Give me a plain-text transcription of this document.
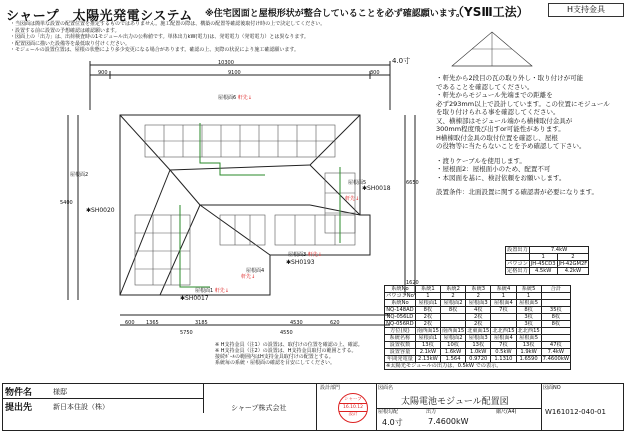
シャープ　太陽光発電システム ※住宅図面と屋根形状が整合していることを必ず確認願います。
（YSⅢ工法）	H支持金具
・当図面は簡単な設置の配置位置を推定するものではありません。施工配置の際は、構築の配置等確認後取付け時の上で決定してください。
・設置する前に設置の予想確認は確認願います。
・図面上の「出力」は、出荷検査時の1モジュール出力の公称値です。単体出力kW(電力)は、発電電力（発電電力）とは異なります。
・配置図面に描いた設備等を最低取り付けください。
・モジュールの設置位置は、屋根の状態により多少変更になる場合があります。確認の上、実際の状況により施工確認願います。
4.0寸
10300
900	9100	300
5400
6650
1620
600 1365	3185	4530	620
5750	4550
屋根面6 軒先↓
屋根面5
軒先↓
屋根面4
軒先↓
屋根面3 軒先↓
屋根面2
屋根面1 軒先↓
✱SH0020
✱SH0018
✱SH0193
✱SH0017
※ H支持金具（注1）の設置は、取付けの位置を確認の上、確認。
※ H支持金具（注2）の設置は、H支持金具取付の範囲とする。
接続ﾎﾞｰﾙの範囲内はH支持金具取付けの配置とする。
系統毎の系統・屋根面の確認を目安にしてください。
・軒先から2段目の瓦の取り外し・取り付けが可能
であることを確認してください。
・軒先からモジュール先端までの距離を
必ず293mm以上で設計しています。この位置にモジュール
を取り付けられる事を確認してください。
又、横棟部はモジュール端から横棟取付金具が
300mm程度飛び出すor可能性があります。
H横棟取付金具の取付位置を確認し、屋根
の役物等に当たらないことを予め確認して下さい。
・渡りケーブルを使用します。
・屋根面2：屋根面小のため、配置不可
・本図面を基に、検討依頼をお願いします。
設置条件：北面設置に関する確認書が必要になります。
設置出力	7.4kW	
	1	2
パワコン	JH-45CD3	JH-42GM2F
定格出力	4.5kW	4.2kW
系統No	系統1	系統2	系統3	系統4	系統5	合計
パワコンNo	1	2	2	1	1	
系統No	屋根面1	屋根面2	屋根面3	屋根面4	屋根面5	
NQ-148AD	8枚	8枚	4枚	7枚	8枚	35枚
NQ-056LD	2枚		2枚		3枚	8枚
NQ-056RD	2枚		2枚		3枚	8枚
方位(度)	南西面15	南西面15	北東面15	北北西15	北北西15	
系統名称	屋根面1	屋根面2	屋根面3	屋根面4	屋根面5	
設置枚数	13枚	10枚	13枚	7枚	13枚	47枚
設置容量	2.1kW	1.6kW	1.0kW	0.5kW	1.9kW	7.4kW
年間発電量	2.13kW	1.564	0.9720	1.1310	1.6590	7.4600kW
※太陽光モジュールの出力は、0.5kW での表示。						
物件名	様邸
提出先	新日本住設（株）	シャープ株式会社
設計部門
シャープ
16.10.12
設計
図面名
太陽電池モジュール配置図
屋根勾配
4.0寸
出力
7.4600kW
縮尺(A4)
図面NO
W161012-040-01
